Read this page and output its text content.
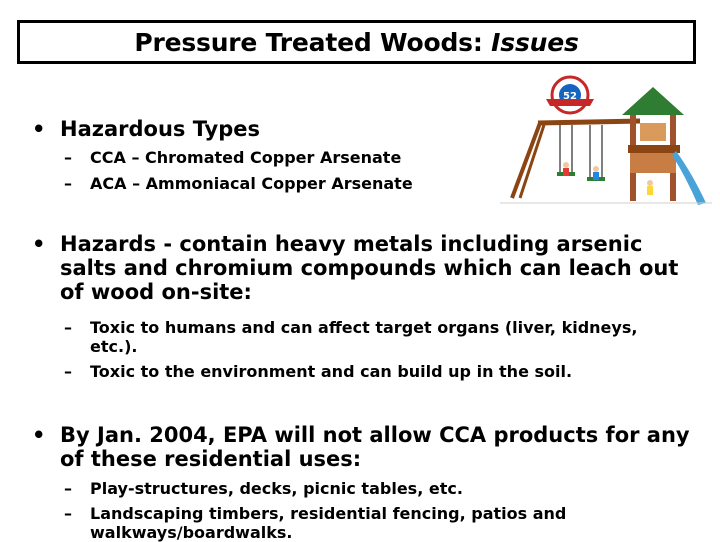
Pressure Treated Woods: Issues
• Hazardous Types
– CCA – Chromated Copper Arsenate
– ACA – Ammoniacal Copper Arsenate
• Hazards - contain heavy metals including arsenic
salts and chromium compounds which can leach out
of wood on-site:
– Toxic to humans and can affect target organs (liver, kidneys,
etc.).
– Toxic to the environment and can build up in the soil.
• By Jan. 2004, EPA will not allow CCA products for any
of these residential uses:
– Play-structures, decks, picnic tables, etc.
– Landscaping timbers, residential fencing, patios and
walkways/boardwalks.
52
